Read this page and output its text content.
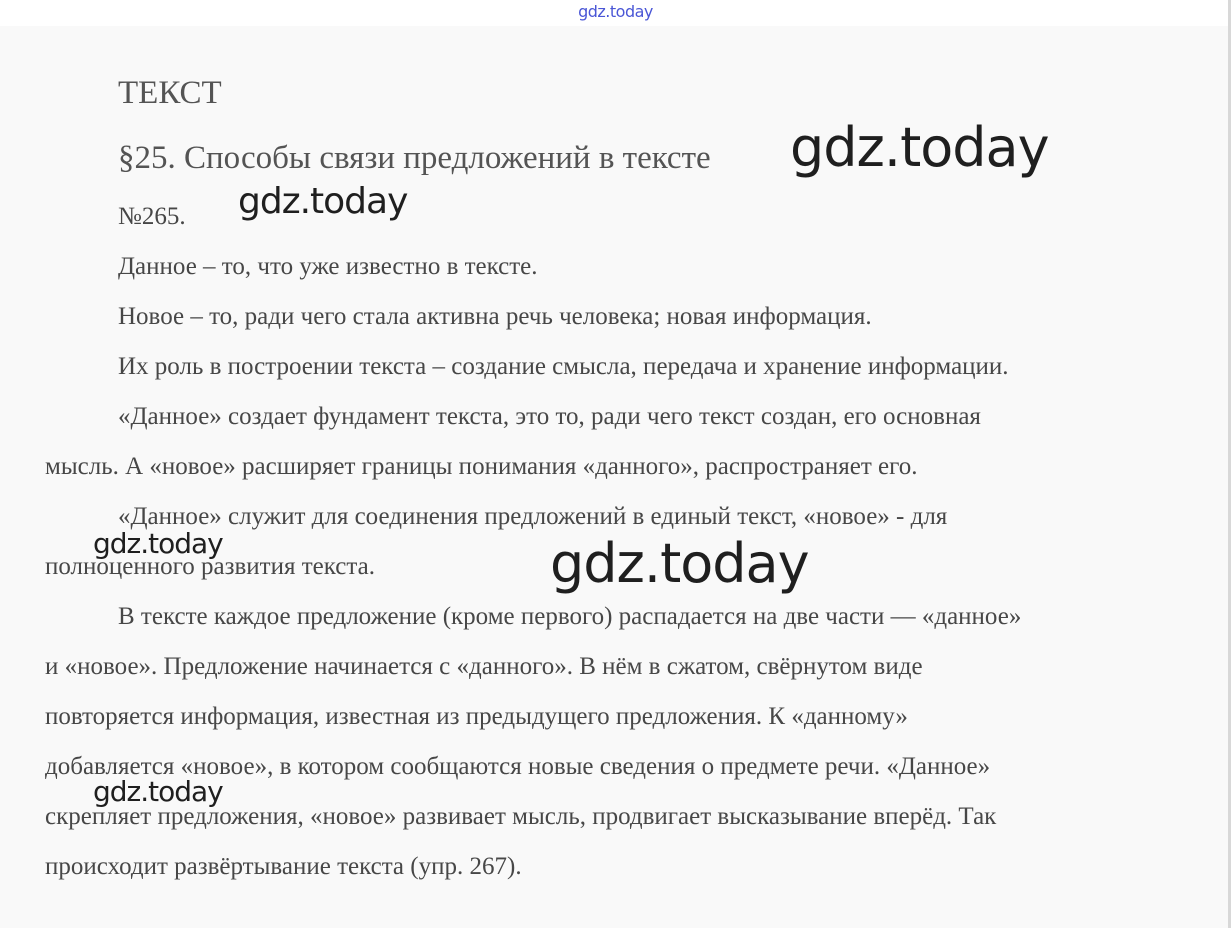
gdz.today
ТЕКСТ
§25. Способы связи предложений в тексте
№265.
Данное – то, что уже известно в тексте.
Новое – то, ради чего стала активна речь человека; новая информация.
Их роль в построении текста – создание смысла, передача и хранение информации.
«Данное» создает фундамент текста, это то, ради чего текст создан, его основная
мысль. А «новое» расширяет границы понимания «данного», распространяет его.
«Данное» служит для соединения предложений в единый текст, «новое» - для
полноценного развития текста.
В тексте каждое предложение (кроме первого) распадается на две части — «данное»
и «новое». Предложение начинается с «данного». В нём в сжатом, свёрнутом виде
повторяется информация, известная из предыдущего предложения. К «данному»
добавляется «новое», в котором сообщаются новые сведения о предмете речи. «Данное»
скрепляет предложения, «новое» развивает мысль, продвигает высказывание вперёд. Так
происходит развёртывание текста (упр. 267).
gdz.today
gdz.today
gdz.today	gdz.today
gdz.today
